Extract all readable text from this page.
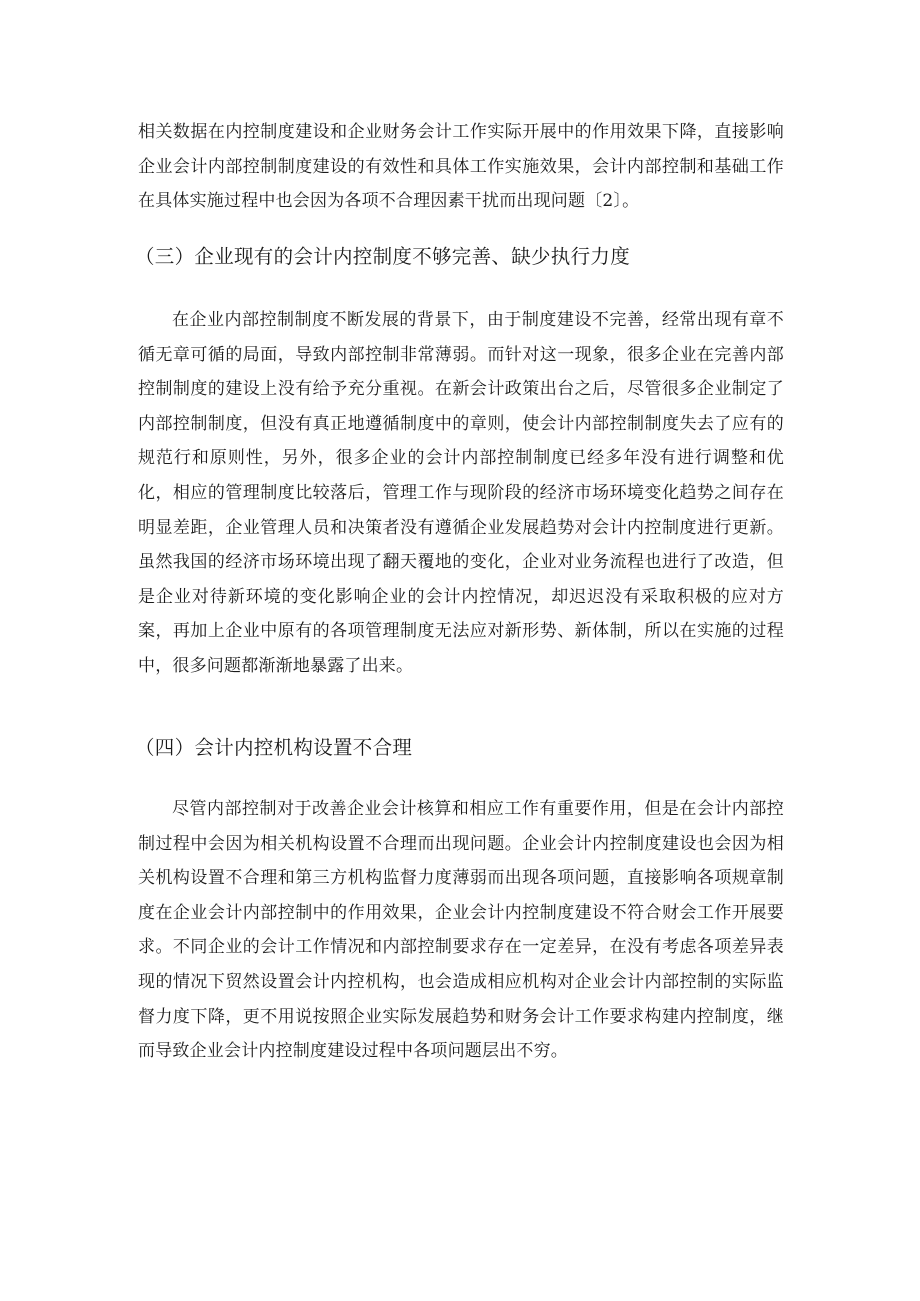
相关数据在内控制度建设和企业财务会计工作实际开展中的作用效果下降，直接影响企业会计内部控制制度建设的有效性和具体工作实施效果，会计内部控制和基础工作在具体实施过程中也会因为各项不合理因素干扰而出现问题〔2〕。

（三）企业现有的会计内控制度不够完善、缺少执行力度

在企业内部控制制度不断发展的背景下，由于制度建设不完善，经常出现有章不循无章可循的局面，导致内部控制非常薄弱。而针对这一现象，很多企业在完善内部控制制度的建设上没有给予充分重视。在新会计政策出台之后，尽管很多企业制定了内部控制制度，但没有真正地遵循制度中的章则，使会计内部控制制度失去了应有的规范行和原则性，另外，很多企业的会计内部控制制度已经多年没有进行调整和优化，相应的管理制度比较落后，管理工作与现阶段的经济市场环境变化趋势之间存在明显差距，企业管理人员和决策者没有遵循企业发展趋势对会计内控制度进行更新。虽然我国的经济市场环境出现了翻天覆地的变化，企业对业务流程也进行了改造，但是企业对待新环境的变化影响企业的会计内控情况，却迟迟没有采取积极的应对方案，再加上企业中原有的各项管理制度无法应对新形势、新体制，所以在实施的过程中，很多问题都渐渐地暴露了出来。

（四）会计内控机构设置不合理

尽管内部控制对于改善企业会计核算和相应工作有重要作用，但是在会计内部控制过程中会因为相关机构设置不合理而出现问题。企业会计内控制度建设也会因为相关机构设置不合理和第三方机构监督力度薄弱而出现各项问题，直接影响各项规章制度在企业会计内部控制中的作用效果，企业会计内控制度建设不符合财会工作开展要求。不同企业的会计工作情况和内部控制要求存在一定差异，在没有考虑各项差异表现的情况下贸然设置会计内控机构，也会造成相应机构对企业会计内部控制的实际监督力度下降，更不用说按照企业实际发展趋势和财务会计工作要求构建内控制度，继而导致企业会计内控制度建设过程中各项问题层出不穷。
